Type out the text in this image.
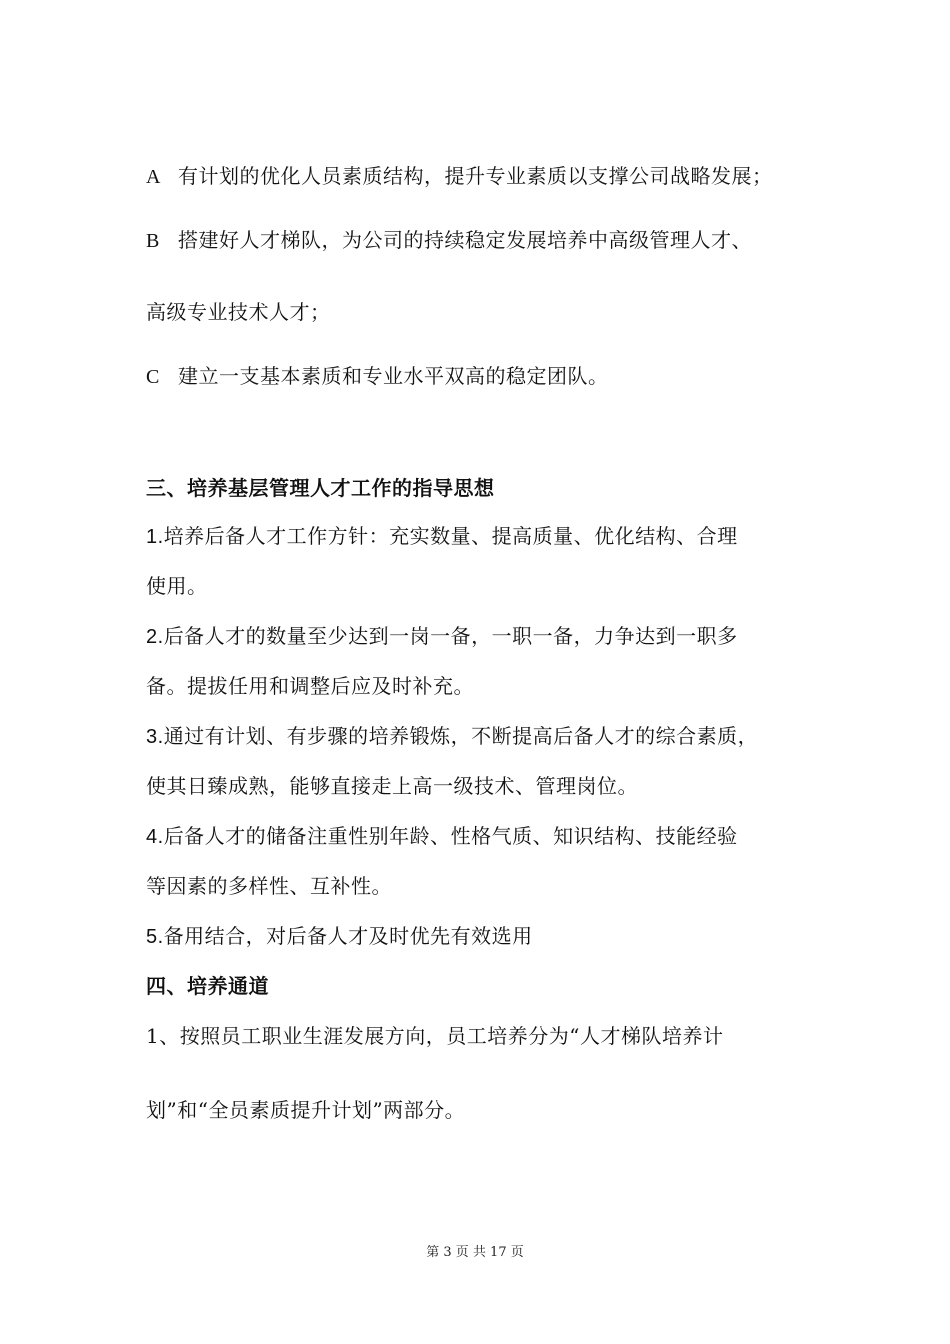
A 有计划的优化人员素质结构，提升专业素质以支撑公司战略发展；
B 搭建好人才梯队，为公司的持续稳定发展培养中高级管理人才、
高级专业技术人才；
C 建立一支基本素质和专业水平双高的稳定团队。
三、培养基层管理人才工作的指导思想
1.培养后备人才工作方针：充实数量、提高质量、优化结构、合理
使用。
2.后备人才的数量至少达到一岗一备，一职一备，力争达到一职多
备。提拔任用和调整后应及时补充。
3.通过有计划、有步骤的培养锻炼，不断提高后备人才的综合素质，
使其日臻成熟，能够直接走上高一级技术、管理岗位。
4.后备人才的储备注重性别年龄、性格气质、知识结构、技能经验
等因素的多样性、互补性。
5.备用结合，对后备人才及时优先有效选用
四、培养通道
1、按照员工职业生涯发展方向，员工培养分为“人才梯队培养计
划”和“全员素质提升计划”两部分。
第 3 页 共 17 页
